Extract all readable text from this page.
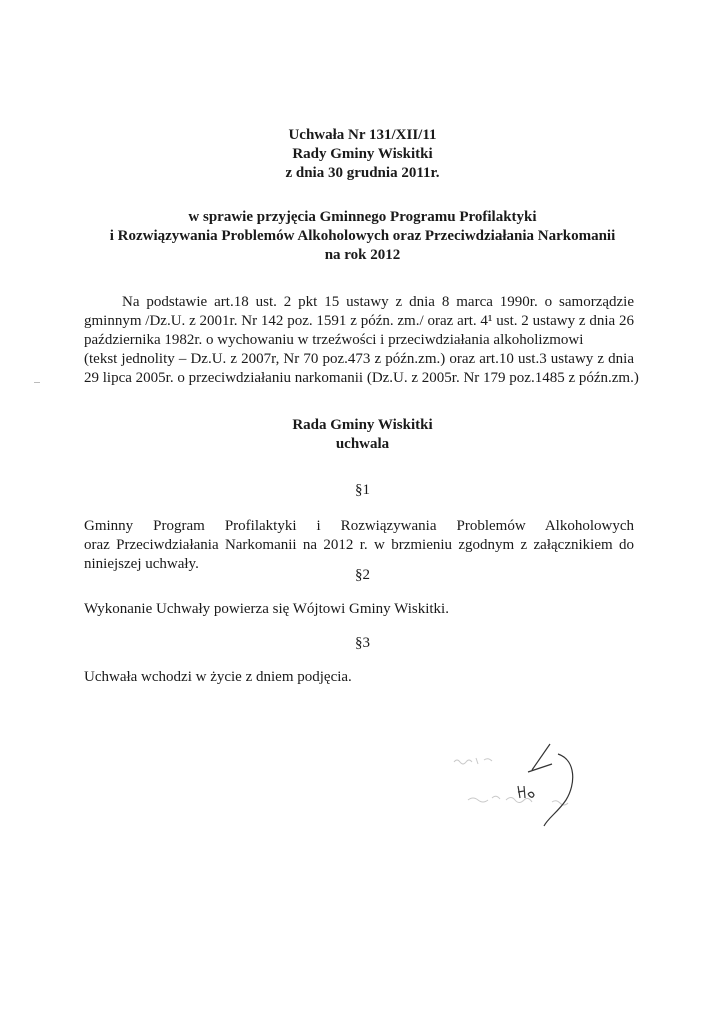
Uchwała Nr 131/XII/11
Rady Gminy Wiskitki
z dnia 30 grudnia 2011r.
w sprawie przyjęcia Gminnego Programu Profilaktyki
i Rozwiązywania Problemów Alkoholowych oraz Przeciwdziałania Narkomanii
na rok 2012
Na podstawie art.18 ust. 2 pkt 15 ustawy z dnia 8 marca 1990r. o samorządzie
gminnym /Dz.U. z 2001r. Nr 142 poz. 1591 z późn. zm./ oraz art. 4¹ ust. 2 ustawy z dnia 26
października 1982r. o wychowaniu w trzeźwości i przeciwdziałania alkoholizmowi
(tekst jednolity – Dz.U. z 2007r, Nr 70 poz.473 z późn.zm.) oraz art.10 ust.3 ustawy z dnia
29 lipca 2005r. o przeciwdziałaniu narkomanii (Dz.U. z 2005r. Nr 179 poz.1485 z późn.zm.)
Rada Gminy Wiskitki
uchwala
§1
Gminny Program Profilaktyki i Rozwiązywania Problemów Alkoholowych
oraz Przeciwdziałania Narkomanii na 2012 r. w brzmieniu zgodnym z załącznikiem do
niniejszej uchwały.
§2
Wykonanie Uchwały powierza się Wójtowi Gminy Wiskitki.
§3
Uchwała wchodzi w życie z dniem podjęcia.
